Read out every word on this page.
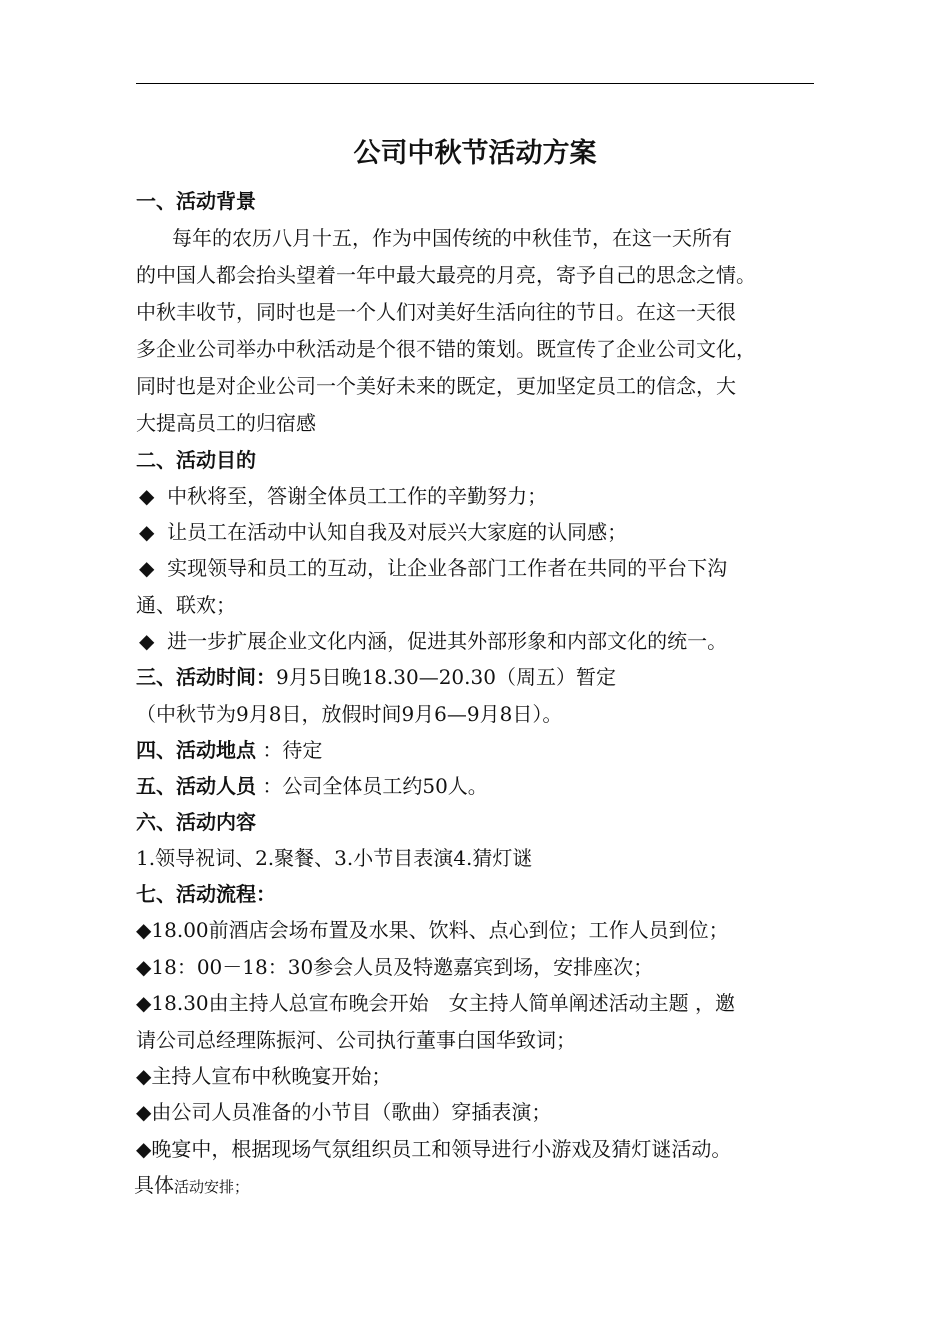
公司中秋节活动方案
一、活动背景
每年的农历八月十五，作为中国传统的中秋佳节，在这一天所有
的中国人都会抬头望着一年中最大最亮的月亮，寄予自己的思念之情。
中秋丰收节，同时也是一个人们对美好生活向往的节日。在这一天很
多企业公司举办中秋活动是个很不错的策划。既宣传了企业公司文化，
同时也是对企业公司一个美好未来的既定，更加坚定员工的信念，大
大提高员工的归宿感
二、活动目的
◆ 中秋将至，答谢全体员工工作的辛勤努力；
◆ 让员工在活动中认知自我及对辰兴大家庭的认同感；
◆ 实现领导和员工的互动，让企业各部门工作者在共同的平台下沟
通、联欢；
◆ 进一步扩展企业文化内涵，促进其外部形象和内部文化的统一。
三、活动时间：9月5日晚18.30—20.30（周五）暂定
（中秋节为9月8日，放假时间9月6—9月8日）。
四、活动地点 ：待定
五、活动人员 ：公司全体员工约50人。
六、活动内容
1.领导祝词、2.聚餐、3.小节目表演4.猜灯谜
七、活动流程：
◆18.00前酒店会场布置及水果、饮料、点心到位；工作人员到位；
◆18：00－18：30参会人员及特邀嘉宾到场，安排座次；
◆18.30由主持人总宣布晚会开始　女主持人简单阐述活动主题 ，邀
请公司总经理陈振河、公司执行董事白国华致词；
◆主持人宣布中秋晚宴开始；
◆由公司人员准备的小节目（歌曲）穿插表演；
◆晚宴中，根据现场气氛组织员工和领导进行小游戏及猜灯谜活动。
具体活动安排；
